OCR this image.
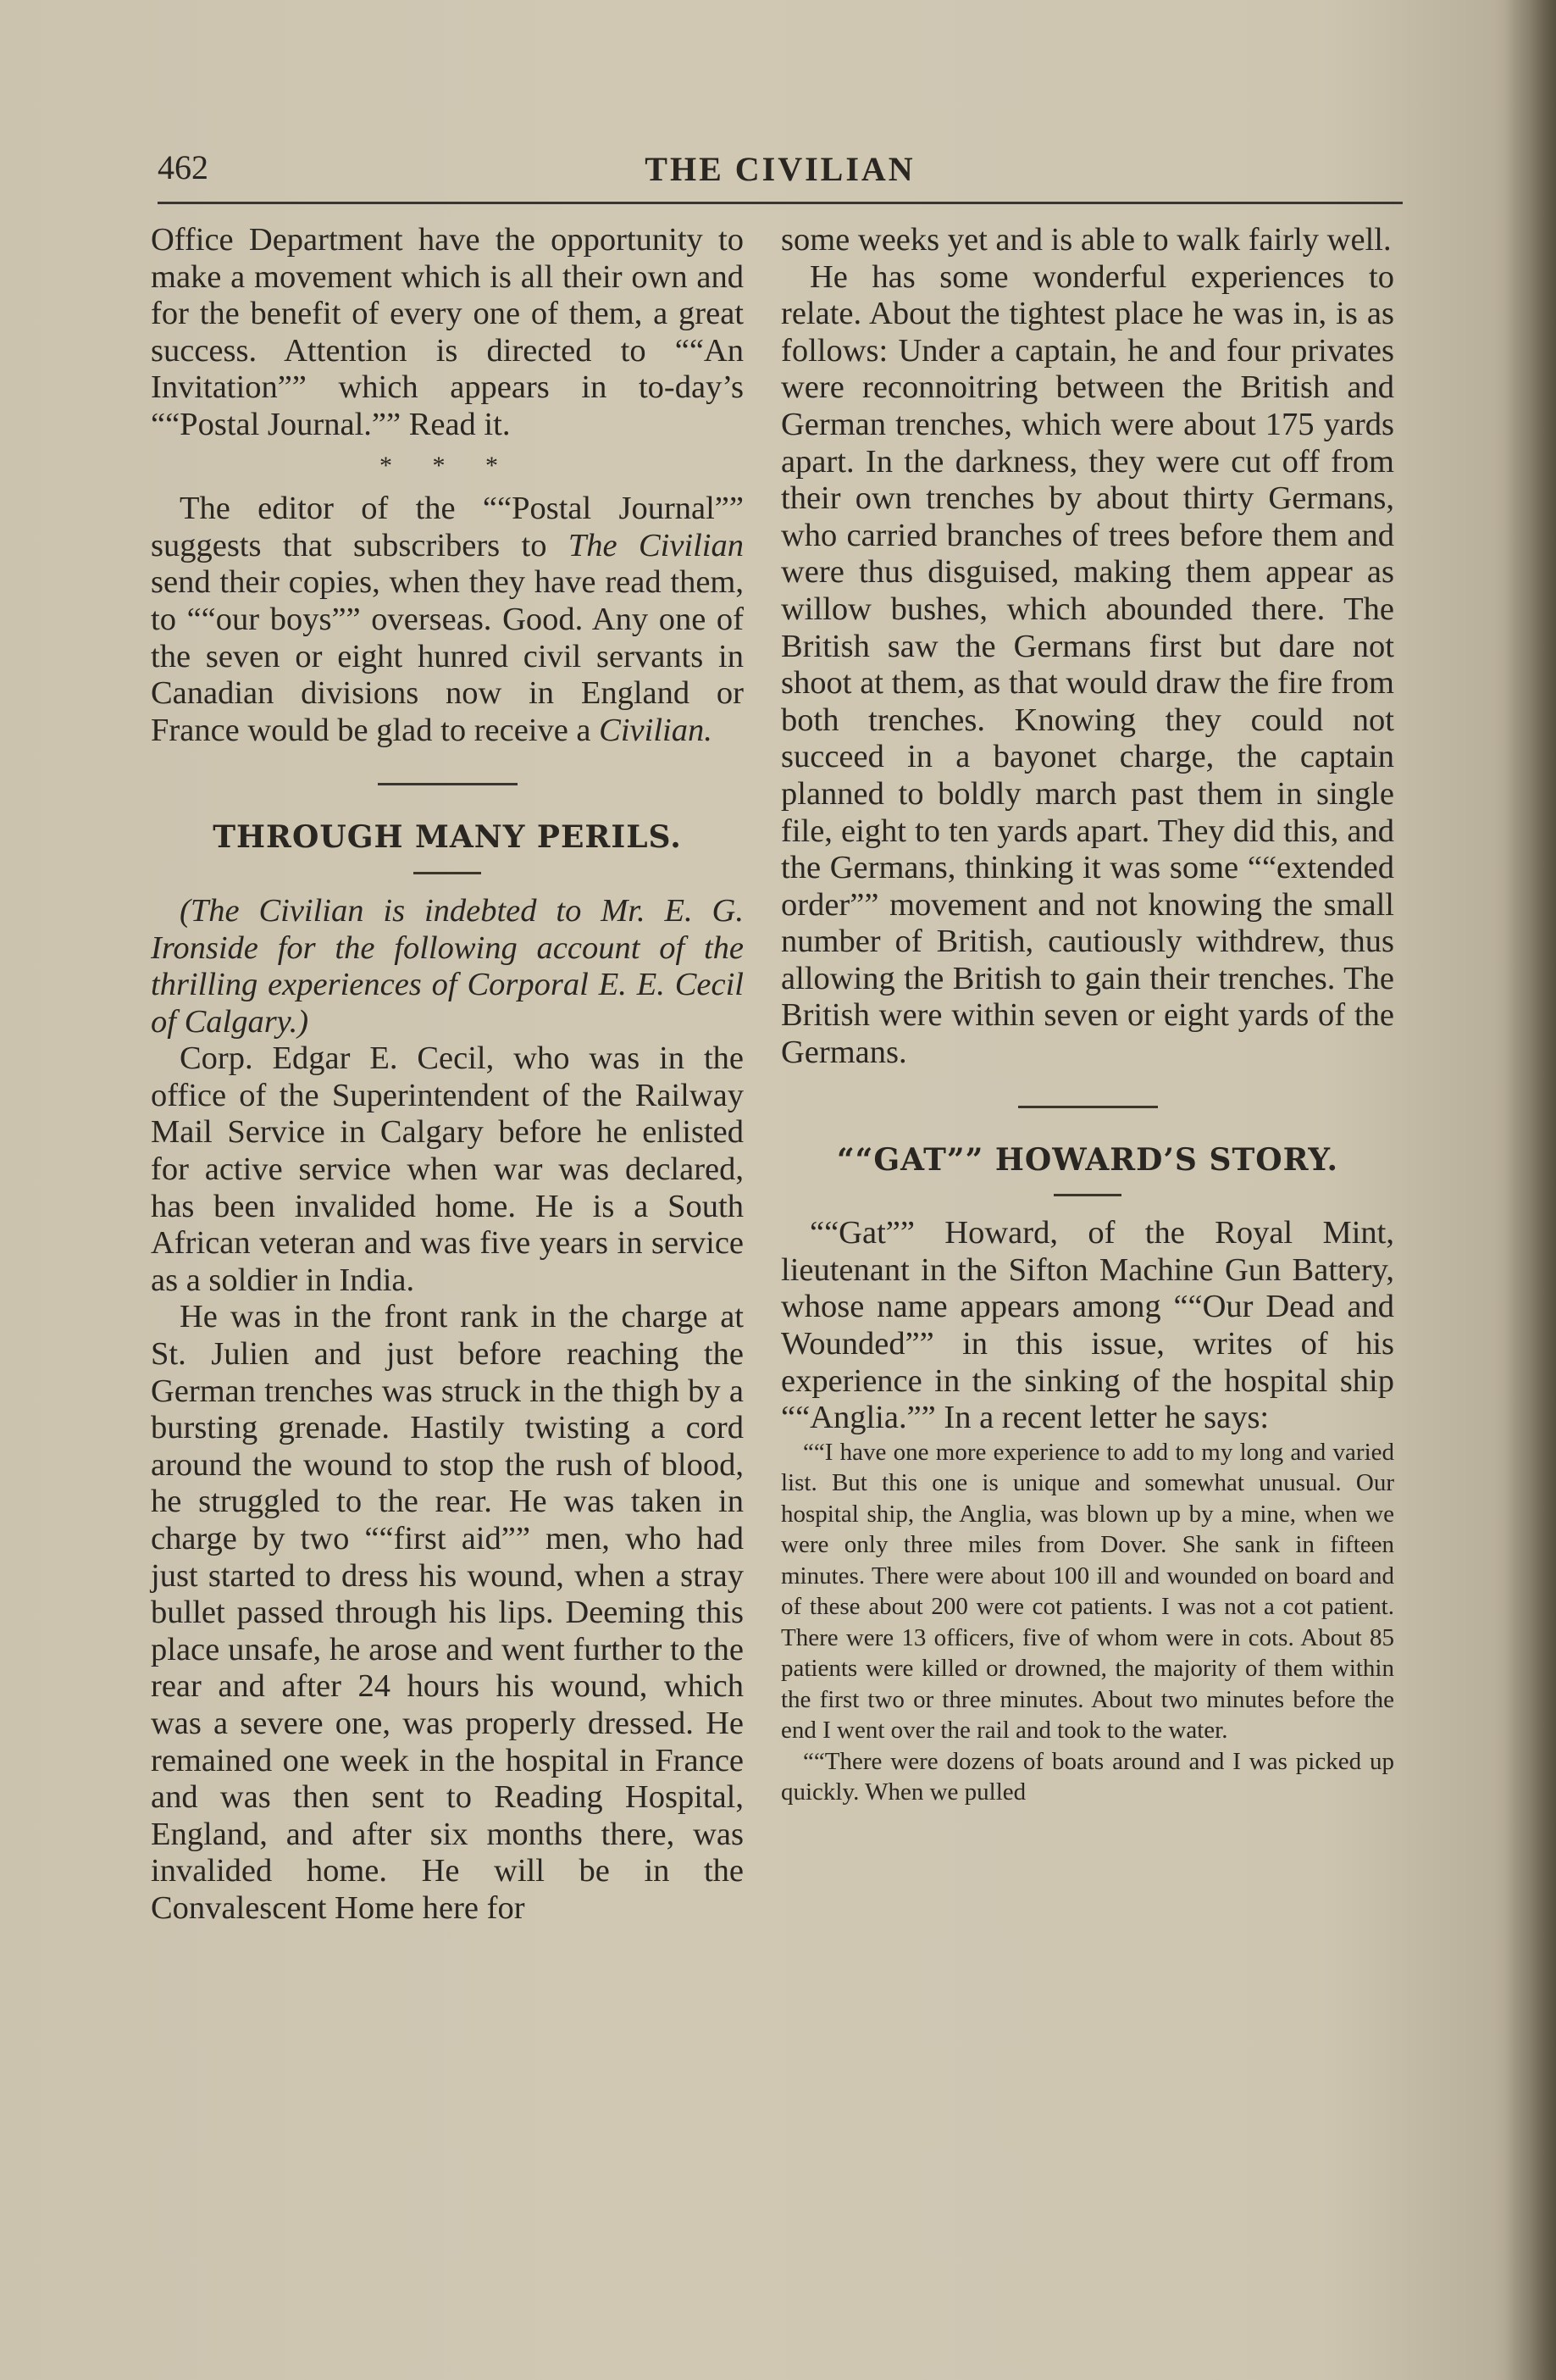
462	THE CIVILIAN

Office Department have the opportunity to make a movement which is all their own and for the benefit of every one of them, a great success. Attention is directed to ““An Invitation”” which appears in to-day’s ““Postal Journal.”” Read it.

* * *

The editor of the ““Postal Journal”” suggests that subscribers to The Civilian send their copies, when they have read them, to ““our boys”” overseas. Good. Any one of the seven or eight hunred civil servants in Canadian divisions now in England or France would be glad to receive a Civilian.

THROUGH MANY PERILS.

(The Civilian is indebted to Mr. E. G. Ironside for the following account of the thrilling experiences of Corporal E. E. Cecil of Calgary.)

Corp. Edgar E. Cecil, who was in the office of the Superintendent of the Railway Mail Service in Calgary before he enlisted for active service when war was declared, has been invalided home. He is a South African veteran and was five years in service as a soldier in India.

He was in the front rank in the charge at St. Julien and just before reaching the German trenches was struck in the thigh by a bursting grenade. Hastily twisting a cord around the wound to stop the rush of blood, he struggled to the rear. He was taken in charge by two ““first aid”” men, who had just started to dress his wound, when a stray bullet passed through his lips. Deeming this place unsafe, he arose and went further to the rear and after 24 hours his wound, which was a severe one, was properly dressed. He remained one week in the hospital in France and was then sent to Reading Hospital, England, and after six months there, was invalided home. He will be in the Convalescent Home here for

some weeks yet and is able to walk fairly well.

He has some wonderful experiences to relate. About the tightest place he was in, is as follows: Under a captain, he and four privates were reconnoitring between the British and German trenches, which were about 175 yards apart. In the darkness, they were cut off from their own trenches by about thirty Germans, who carried branches of trees before them and were thus disguised, making them appear as willow bushes, which abounded there. The British saw the Germans first but dare not shoot at them, as that would draw the fire from both trenches. Knowing they could not succeed in a bayonet charge, the captain planned to boldly march past them in single file, eight to ten yards apart. They did this, and the Germans, thinking it was some ““extended order”” movement and not knowing the small number of British, cautiously withdrew, thus allowing the British to gain their trenches. The British were within seven or eight yards of the Germans.

““GAT”” HOWARD’S STORY.

““Gat”” Howard, of the Royal Mint, lieutenant in the Sifton Machine Gun Battery, whose name appears among ““Our Dead and Wounded”” in this issue, writes of his experience in the sinking of the hospital ship ““Anglia.”” In a recent letter he says:

““I have one more experience to add to my long and varied list. But this one is unique and somewhat unusual. Our hospital ship, the Anglia, was blown up by a mine, when we were only three miles from Dover. She sank in fifteen minutes. There were about 100 ill and wounded on board and of these about 200 were cot patients. I was not a cot patient. There were 13 officers, five of whom were in cots. About 85 patients were killed or drowned, the majority of them within the first two or three minutes. About two minutes before the end I went over the rail and took to the water.

““There were dozens of boats around and I was picked up quickly. When we pulled
